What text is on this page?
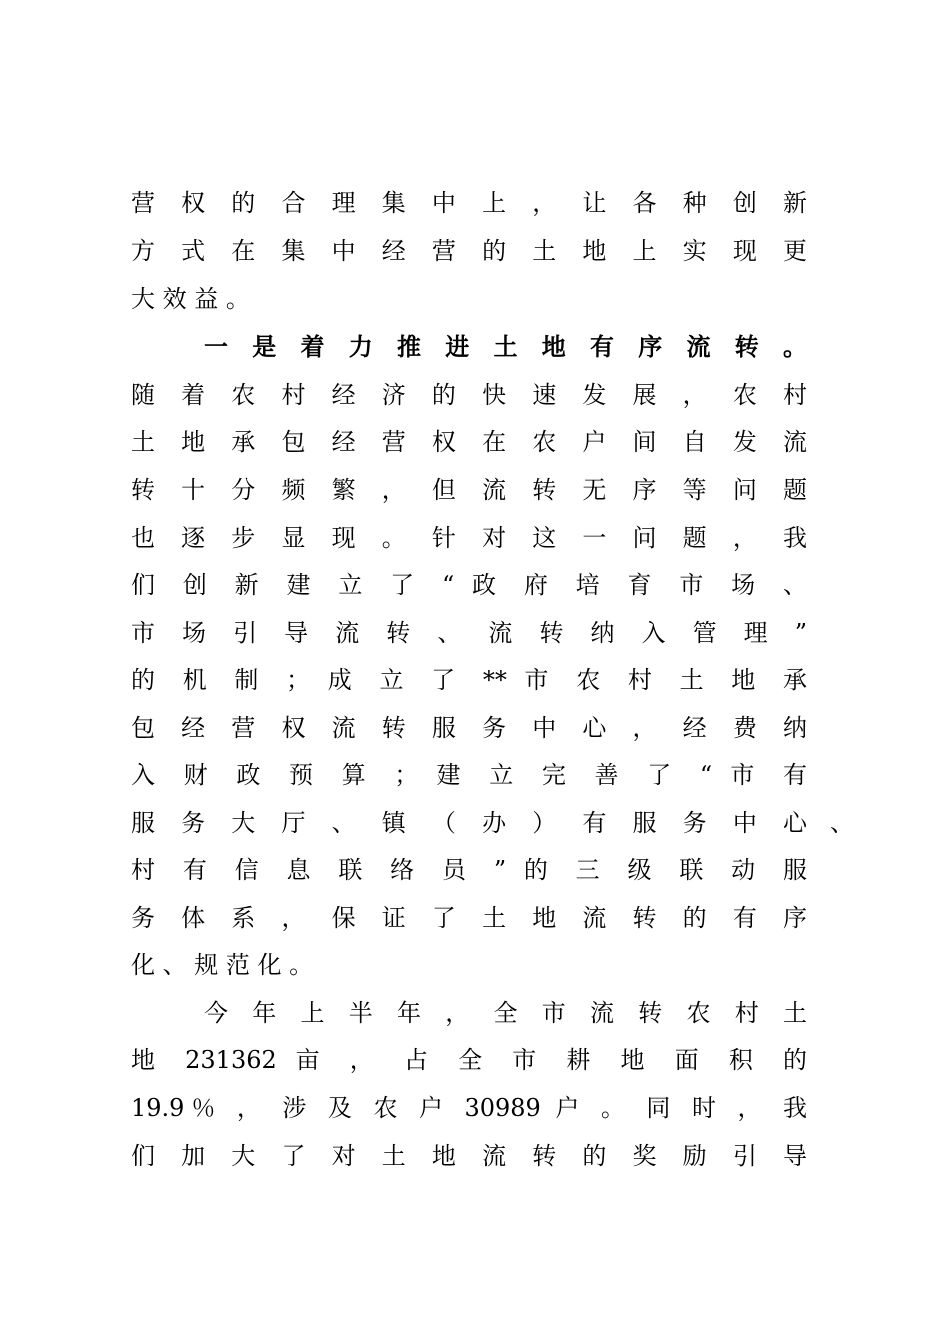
营 权 的 合 理 集 中 上 ， 让 各 种 创 新
方 式 在 集 中 经 营 的 土 地 上 实 现 更
大 效 益 。
一 是 着 力 推 进 土 地 有 序 流 转 。
随 着 农 村 经 济 的 快 速 发 展 ， 农 村
土 地 承 包 经 营 权 在 农 户 间 自 发 流
转 十 分 频 繁 ， 但 流 转 无 序 等 问 题
也 逐 步 显 现 。 针 对 这 一 问 题 ， 我
们 创 新 建 立 了 “ 政 府 培 育 市 场 、
市 场 引 导 流 转 、 流 转 纳 入 管 理 ”
的 机 制 ； 成 立 了 ** 市 农 村 土 地 承
包 经 营 权 流 转 服 务 中 心 ， 经 费 纳
入 财 政 预 算 ； 建 立 完 善 了 “ 市 有
服 务 大 厅 、 镇 （ 办 ） 有 服 务 中 心 、
村 有 信 息 联 络 员 ” 的 三 级 联 动 服
务 体 系 ， 保 证 了 土 地 流 转 的 有 序
化 、 规 范 化 。
今 年 上 半 年 ， 全 市 流 转 农 村 土
地 231362 亩 ， 占 全 市 耕 地 面 积 的
19.9％ ， 涉 及 农 户 30989 户 。 同 时 ， 我
们 加 大 了 对 土 地 流 转 的 奖 励 引 导
